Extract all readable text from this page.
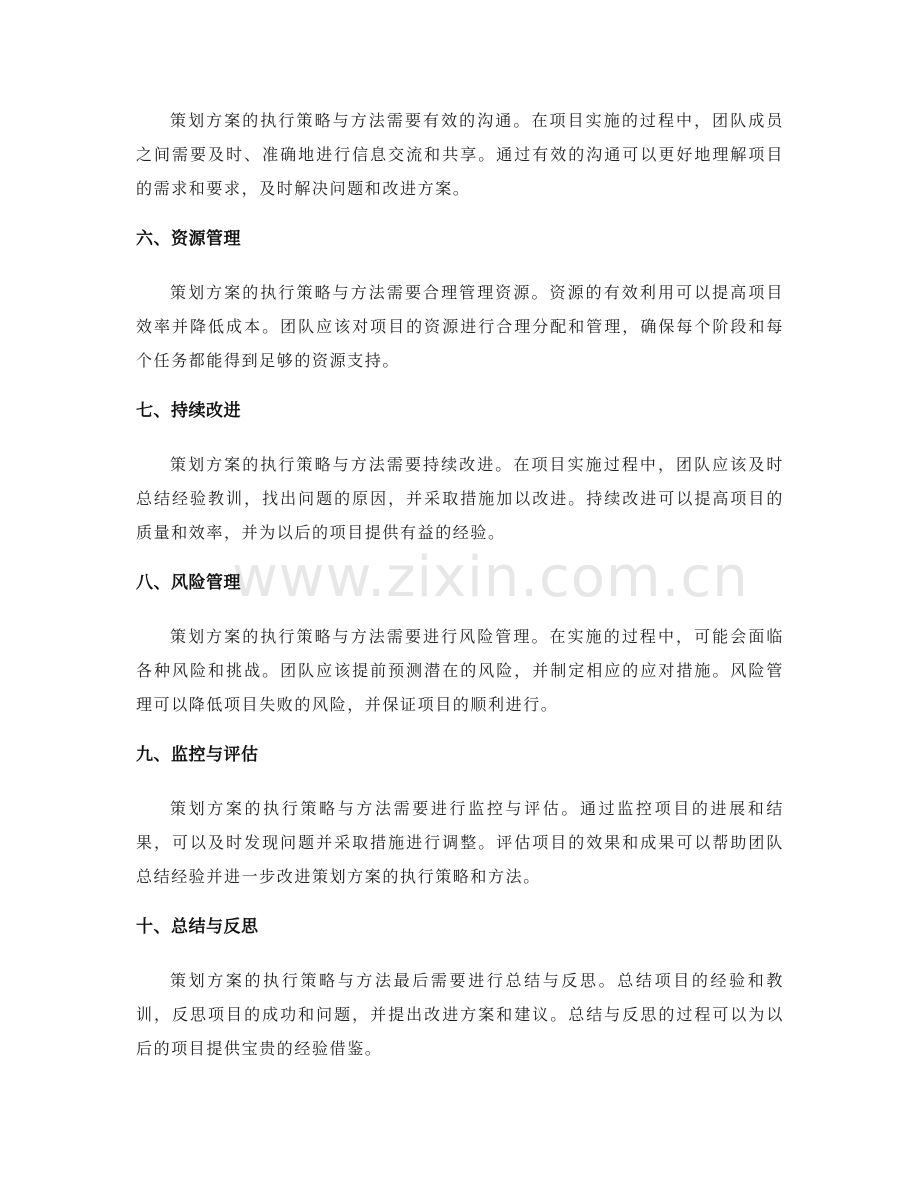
策划方案的执行策略与方法需要有效的沟通。在项目实施的过程中，团队成员之间需要及时、准确地进行信息交流和共享。通过有效的沟通可以更好地理解项目的需求和要求，及时解决问题和改进方案。

六、资源管理

策划方案的执行策略与方法需要合理管理资源。资源的有效利用可以提高项目效率并降低成本。团队应该对项目的资源进行合理分配和管理，确保每个阶段和每个任务都能得到足够的资源支持。

七、持续改进

策划方案的执行策略与方法需要持续改进。在项目实施过程中，团队应该及时总结经验教训，找出问题的原因，并采取措施加以改进。持续改进可以提高项目的质量和效率，并为以后的项目提供有益的经验。

八、风险管理

策划方案的执行策略与方法需要进行风险管理。在实施的过程中，可能会面临各种风险和挑战。团队应该提前预测潜在的风险，并制定相应的应对措施。风险管理可以降低项目失败的风险，并保证项目的顺利进行。

九、监控与评估

策划方案的执行策略与方法需要进行监控与评估。通过监控项目的进展和结果，可以及时发现问题并采取措施进行调整。评估项目的效果和成果可以帮助团队总结经验并进一步改进策划方案的执行策略和方法。

十、总结与反思

策划方案的执行策略与方法最后需要进行总结与反思。总结项目的经验和教训，反思项目的成功和问题，并提出改进方案和建议。总结与反思的过程可以为以后的项目提供宝贵的经验借鉴。

www.zixin.com.cn
